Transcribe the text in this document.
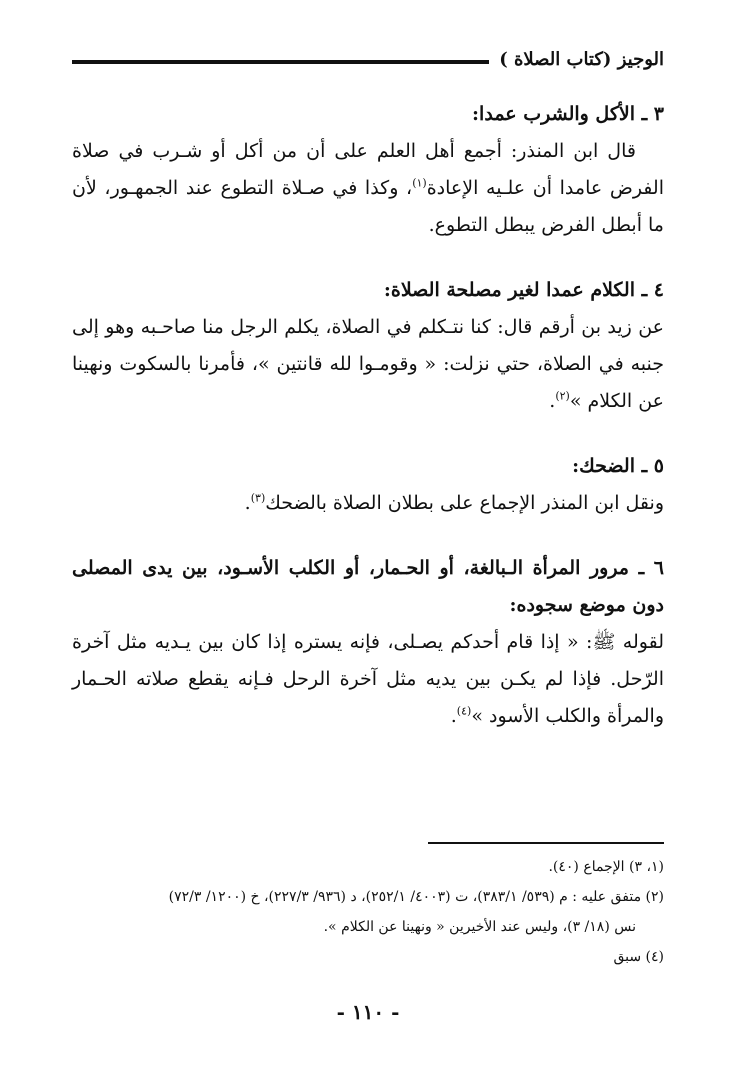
الوجيز (كتاب الصلاة )
٣ ـ الأكل والشرب عمدا:
قال ابن المنذر: أجمع أهل العلم على أن من أكل أو شـرب في صلاة الفرض عامدا أن علـيه الإعادة$^{(١)}$، وكذا في صـلاة التطوع عند الجمهـور، لأن ما أبطل الفرض يبطل التطوع.
٤ ـ الكلام عمدا لغير مصلحة الصلاة:
عن زيد بن أرقم قال: كنا نتـكلم في الصلاة، يكلم الرجل منا صاحـبه وهو إلى جنبه في الصلاة، حتي نزلت: « وقومـوا لله قانتين »، فأمرنا بالسكوت ونهينا عن الكلام »$^{(٢)}$.
٥ ـ الضحك:
ونقل ابن المنذر الإجماع على بطلان الصلاة بالضحك$^{(٣)}$.
٦ ـ مرور المرأة الـبالغة، أو الحـمار، أو الكلب الأسـود، بين يدى المصلى دون موضع سجوده:
لقوله ﷺ: « إذا قام أحدكم يصـلى، فإنه يستره إذا كان بين يـديه مثل آخرة الرّحل. فإذا لم يكـن بين يديه مثل آخرة الرحل فـإنه يقطع صلاته الحـمار والمرأة والكلب الأسود »$^{(٤)}$.
(١، ٣) الإجماع (٤٠).
(٢) متفق عليه : م (٥٣٩/ ٣٨٣/١)، ت (٤٠٠٣/ ٢٥٢/١)، د (٩٣٦/ ٢٢٧/٣)، خ (١٢٠٠/ ٧٢/٣)
نس (١٨/ ٣)، وليس عند الأخيرين « ونهينا عن الكلام ».
(٤) سبق
- ١١٠ -
